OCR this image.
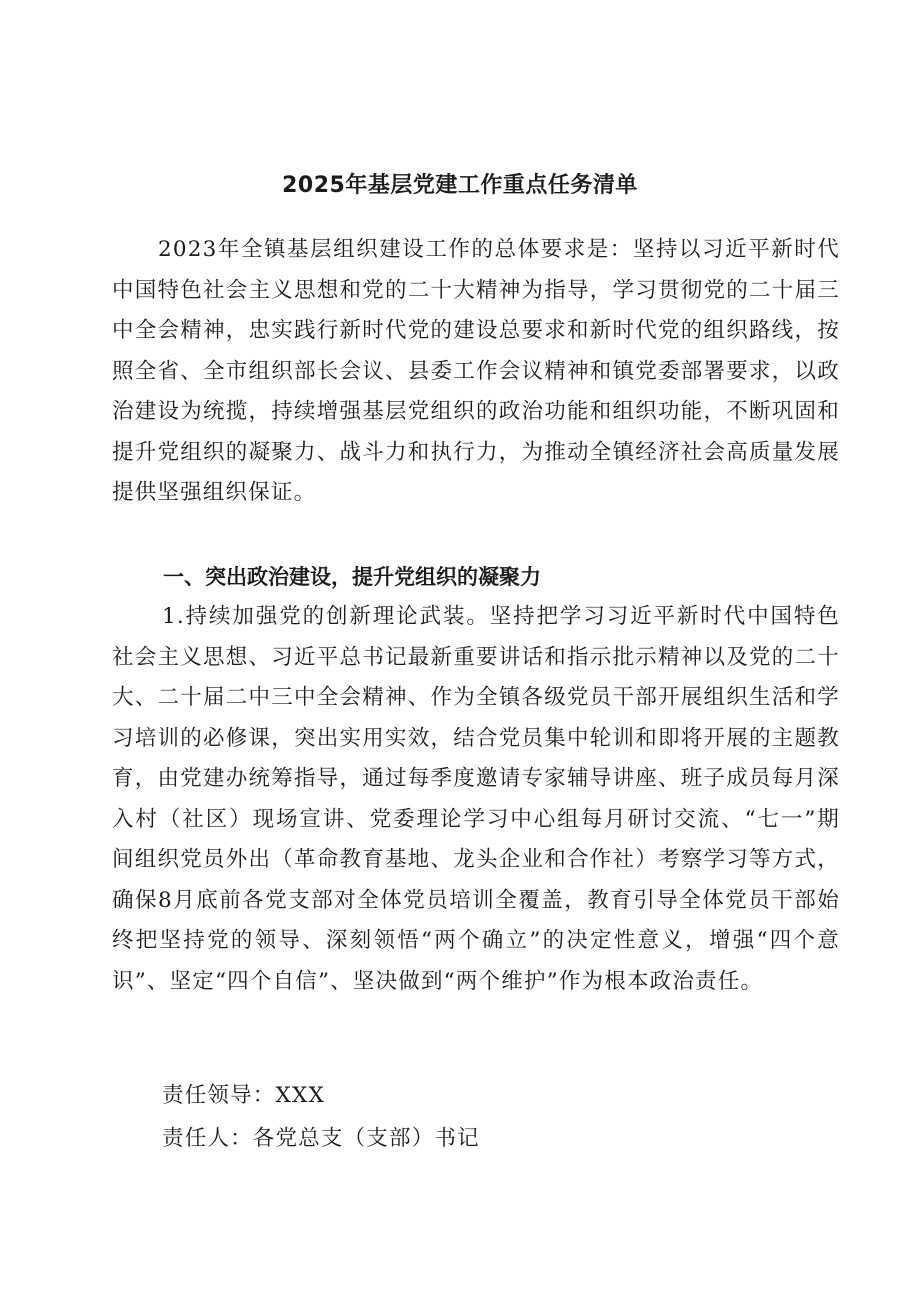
2025年基层党建工作重点任务清单
2023年全镇基层组织建设工作的总体要求是：坚持以习近平新时代中国特色社会主义思想和党的二十大精神为指导，学习贯彻党的二十届三中全会精神，忠实践行新时代党的建设总要求和新时代党的组织路线，按照全省、全市组织部长会议、县委工作会议精神和镇党委部署要求，以政治建设为统揽，持续增强基层党组织的政治功能和组织功能，不断巩固和提升党组织的凝聚力、战斗力和执行力，为推动全镇经济社会高质量发展提供坚强组织保证。
一、突出政治建设，提升党组织的凝聚力
1.持续加强党的创新理论武装。坚持把学习习近平新时代中国特色社会主义思想、习近平总书记最新重要讲话和指示批示精神以及党的二十大、二十届二中三中全会精神、作为全镇各级党员干部开展组织生活和学习培训的必修课，突出实用实效，结合党员集中轮训和即将开展的主题教育，由党建办统筹指导，通过每季度邀请专家辅导讲座、班子成员每月深入村（社区）现场宣讲、党委理论学习中心组每月研讨交流、“七一”期间组织党员外出（革命教育基地、龙头企业和合作社）考察学习等方式，确保8月底前各党支部对全体党员培训全覆盖，教育引导全体党员干部始终把坚持党的领导、深刻领悟“两个确立”的决定性意义，增强“四个意识”、坚定“四个自信”、坚决做到“两个维护”作为根本政治责任。
责任领导：XXX
责任人：各党总支（支部）书记
